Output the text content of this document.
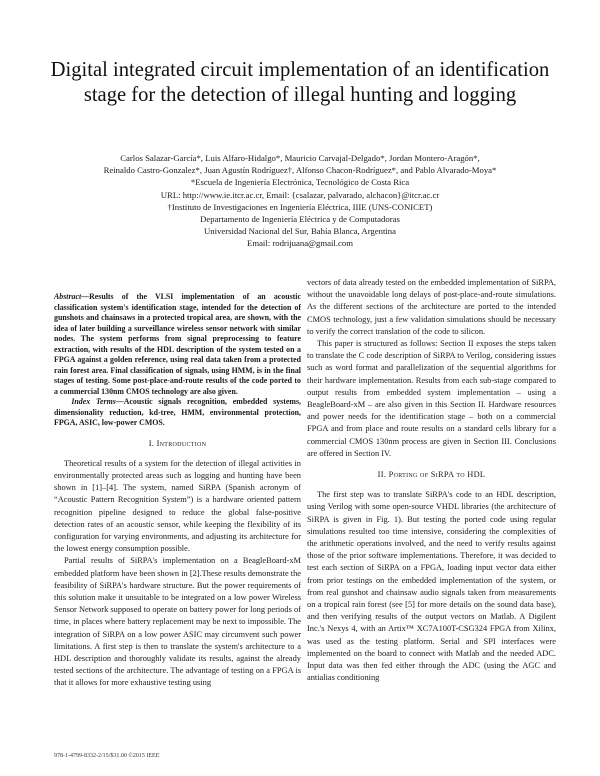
Digital integrated circuit implementation of an identification stage for the detection of illegal hunting and logging
Carlos Salazar-García*, Luis Alfaro-Hidalgo*, Mauricio Carvajal-Delgado*, Jordan Montero-Aragón*,
Reinaldo Castro-Gonzalez*, Juan Agustín Rodríguez†, Alfonso Chacon-Rodríguez*, and Pablo Alvarado-Moya*
*Escuela de Ingeniería Electrónica, Tecnológico de Costa Rica
URL: http://www.ie.itcr.ac.cr, Email: {csalazar, palvarado, alchacon}@itcr.ac.cr
†Instituto de Investigaciones en Ingeniería Eléctrica, IIIE (UNS-CONICET)
Departamento de Ingeniería Eléctrica y de Computadoras
Universidad Nacional del Sur, Bahía Blanca, Argentina
Email: rodrijuana@gmail.com

Abstract—Results of the VLSI implementation of an acoustic classification system's identification stage, intended for the detection of gunshots and chainsaws in a protected tropical area, are shown, with the idea of later building a surveillance wireless sensor network with similar nodes. The system performs from signal preprocessing to feature extraction, with results of the HDL description of the system tested on a FPGA against a golden reference, using real data taken from a protected rain forest area. Final classification of signals, using HMM, is in the final stages of testing. Some post-place-and-route results of the code ported to a commercial 130nm CMOS technology are also given.

Index Terms—Acoustic signals recognition, embedded systems, dimensionality reduction, kd-tree, HMM, environmental protection, FPGA, ASIC, low-power CMOS.

I. Introduction

Theoretical results of a system for the detection of illegal activities in environmentally protected areas such as logging and hunting have been shown in [1]–[4]. The system, named SiRPA (Spanish acronym of “Acoustic Pattern Recognition System”) is a hardware oriented pattern recognition pipeline designed to reduce the global false-positive detection rates of an acoustic sensor, while keeping the flexibility of its configuration for varying environments, and adjusting its architecture for the lowest energy consumption possible.

Partial results of SiRPA's implementation on a BeagleBoard-xM embedded platform have been shown in [2].These results demonstrate the feasibility of SiRPA's hardware structure. But the power requirements of this solution make it unsuitable to be integrated on a low power Wireless Sensor Network supposed to operate on battery power for long periods of time, in places where battery replacement may be next to impossible. The integration of SiRPA on a low power ASIC may circumvent such power limitations. A first step is then to translate the system's architecture to a HDL description and thoroughly validate its results, against the already tested sections of the architecture. The advantage of testing on a FPGA is that it allows for more exhaustive testing using

vectors of data already tested on the embedded implementation of SiRPA, without the unavoidable long delays of post-place-and-route simulations. As the different sections of the architecture are ported to the intended CMOS technology, just a few validation simulations should be necessary to verify the correct translation of the code to silicon.

This paper is structured as follows: Section II exposes the steps taken to translate the C code description of SiRPA to Verilog, considering issues such as word format and parallelization of the sequential algorithms for their hardware implementation. Results from each sub-stage compared to output results from embedded system implementation – using a BeagleBoard-xM – are also given in this Section II. Hardware resources and power needs for the identification stage – both on a commercial FPGA and from place and route results on a standard cells library for a commercial CMOS 130nm process are given in Section III. Conclusions are offered in Section IV.

II. Porting of SiRPA to HDL

The first step was to translate SiRPA's code to an HDL description, using Verilog with some open-source VHDL libraries (the architecture of SiRPA is given in Fig. 1). But testing the ported code using regular simulations resulted too time intensive, considering the complexities of the arithmetic operations involved, and the need to verify results against those of the prior software implementations. Therefore, it was decided to test each section of SiRPA on a FPGA, loading input vector data either from prior testings on the embedded implementation of the system, or from real gunshot and chainsaw audio signals taken from measurements on a tropical rain forest (see [5] for more details on the sound data base), and then verifying results of the output vectors on Matlab. A Digilent Inc.'s Nexys 4, with an Artix™ XC7A100T-CSG324 FPGA from Xilinx, was used as the testing platform. Serial and SPI interfaces were implemented on the board to connect with Matlab and the needed ADC. Input data was then fed either through the ADC (using the AGC and antialias conditioning

978-1-4799-8332-2/15/$31.00 ©2015 IEEE
